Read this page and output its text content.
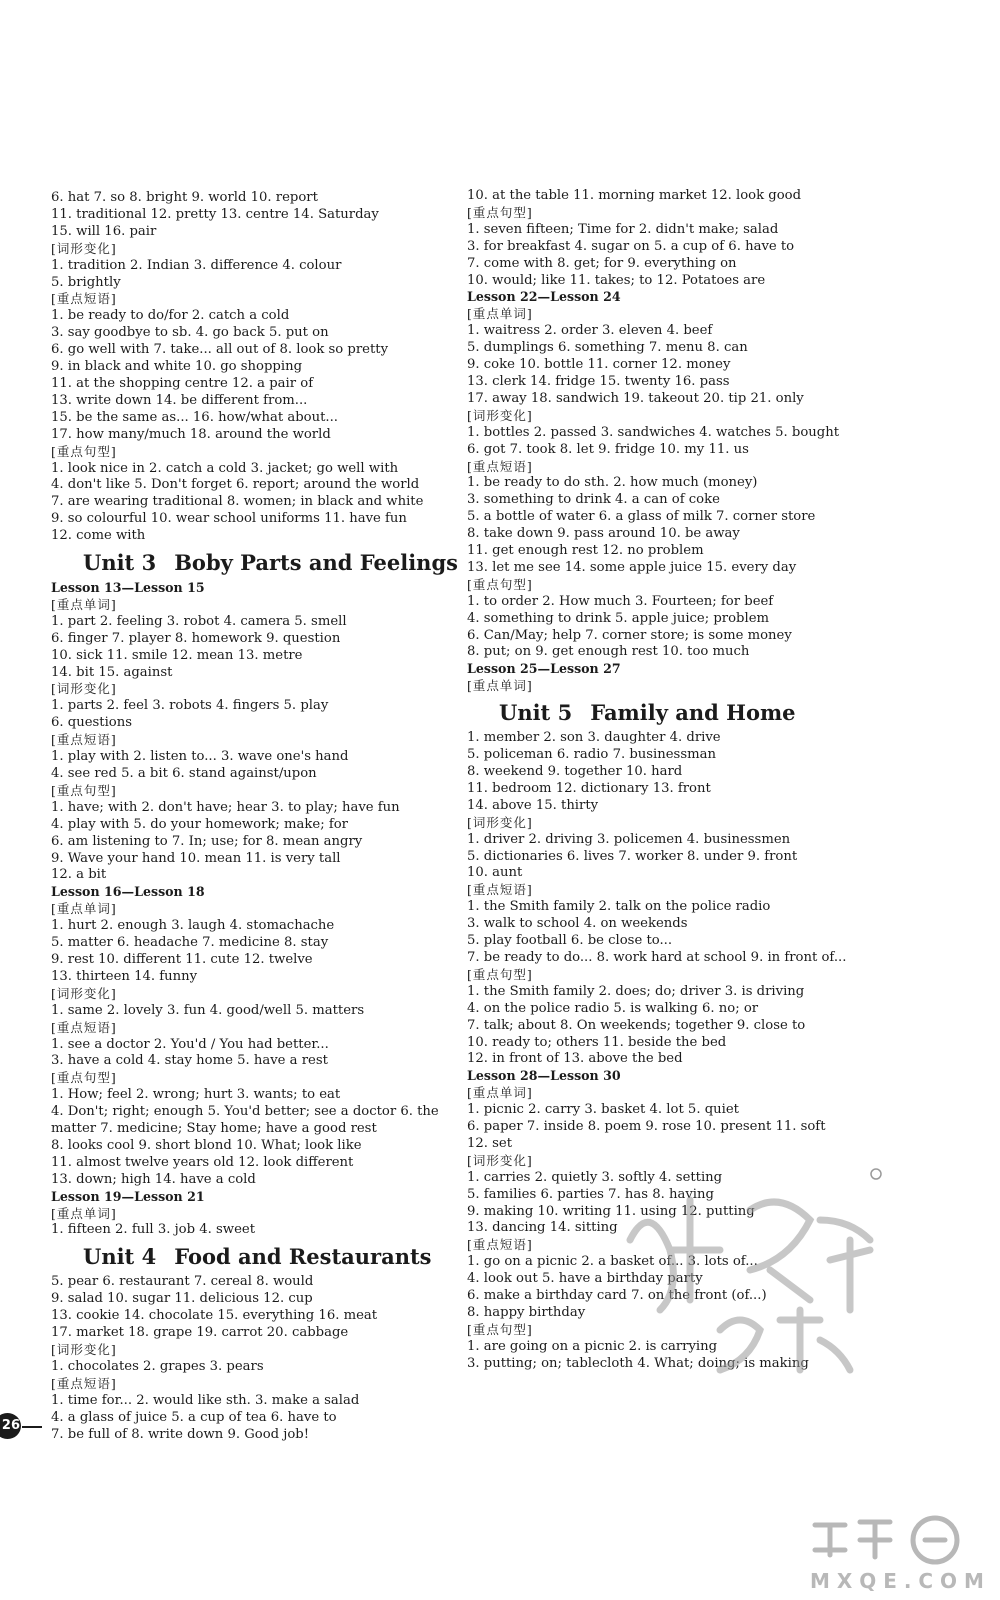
6. hat 7. so 8. bright 9. world 10. report
11. traditional 12. pretty 13. centre 14. Saturday
15. will 16. pair
[词形变化]
1. tradition 2. Indian 3. difference 4. colour
5. brightly
[重点短语]
1. be ready to do/for 2. catch a cold
3. say goodbye to sb. 4. go back 5. put on
6. go well with 7. take... all out of 8. look so pretty
9. in black and white 10. go shopping
11. at the shopping centre 12. a pair of
13. write down 14. be different from...
15. be the same as... 16. how/what about...
17. how many/much 18. around the world
[重点句型]
1. look nice in 2. catch a cold 3. jacket; go well with
4. don't like 5. Don't forget 6. report; around the world
7. are wearing traditional 8. women; in black and white
9. so colourful 10. wear school uniforms 11. have fun
12. come with
Unit 3 Boby Parts and Feelings
Lesson 13—Lesson 15
[重点单词]
1. part 2. feeling 3. robot 4. camera 5. smell
6. finger 7. player 8. homework 9. question
10. sick 11. smile 12. mean 13. metre
14. bit 15. against
[词形变化]
1. parts 2. feel 3. robots 4. fingers 5. play
6. questions
[重点短语]
1. play with 2. listen to... 3. wave one's hand
4. see red 5. a bit 6. stand against/upon
[重点句型]
1. have; with 2. don't have; hear 3. to play; have fun
4. play with 5. do your homework; make; for
6. am listening to 7. In; use; for 8. mean angry
9. Wave your hand 10. mean 11. is very tall
12. a bit
Lesson 16—Lesson 18
[重点单词]
1. hurt 2. enough 3. laugh 4. stomachache
5. matter 6. headache 7. medicine 8. stay
9. rest 10. different 11. cute 12. twelve
13. thirteen 14. funny
[词形变化]
1. same 2. lovely 3. fun 4. good/well 5. matters
[重点短语]
1. see a doctor 2. You'd / You had better...
3. have a cold 4. stay home 5. have a rest
[重点句型]
1. How; feel 2. wrong; hurt 3. wants; to eat
4. Don't; right; enough 5. You'd better; see a doctor 6. the
matter 7. medicine; Stay home; have a good rest
8. looks cool 9. short blond 10. What; look like
11. almost twelve years old 12. look different
13. down; high 14. have a cold
Lesson 19—Lesson 21
[重点单词]
1. fifteen 2. full 3. job 4. sweet
Unit 4 Food and Restaurants
5. pear 6. restaurant 7. cereal 8. would
9. salad 10. sugar 11. delicious 12. cup
13. cookie 14. chocolate 15. everything 16. meat
17. market 18. grape 19. carrot 20. cabbage
[词形变化]
1. chocolates 2. grapes 3. pears
[重点短语]
1. time for... 2. would like sth. 3. make a salad
4. a glass of juice 5. a cup of tea 6. have to
7. be full of 8. write down 9. Good job!
10. at the table 11. morning market 12. look good
[重点句型]
1. seven fifteen; Time for 2. didn't make; salad
3. for breakfast 4. sugar on 5. a cup of 6. have to
7. come with 8. get; for 9. everything on
10. would; like 11. takes; to 12. Potatoes are
Lesson 22—Lesson 24
[重点单词]
1. waitress 2. order 3. eleven 4. beef
5. dumplings 6. something 7. menu 8. can
9. coke 10. bottle 11. corner 12. money
13. clerk 14. fridge 15. twenty 16. pass
17. away 18. sandwich 19. takeout 20. tip 21. only
[词形变化]
1. bottles 2. passed 3. sandwiches 4. watches 5. bought
6. got 7. took 8. let 9. fridge 10. my 11. us
[重点短语]
1. be ready to do sth. 2. how much (money)
3. something to drink 4. a can of coke
5. a bottle of water 6. a glass of milk 7. corner store
8. take down 9. pass around 10. be away
11. get enough rest 12. no problem
13. let me see 14. some apple juice 15. every day
[重点句型]
1. to order 2. How much 3. Fourteen; for beef
4. something to drink 5. apple juice; problem
6. Can/May; help 7. corner store; is some money
8. put; on 9. get enough rest 10. too much
Lesson 25—Lesson 27
[重点单词]
Unit 5 Family and Home
1. member 2. son 3. daughter 4. drive
5. policeman 6. radio 7. businessman
8. weekend 9. together 10. hard
11. bedroom 12. dictionary 13. front
14. above 15. thirty
[词形变化]
1. driver 2. driving 3. policemen 4. businessmen
5. dictionaries 6. lives 7. worker 8. under 9. front
10. aunt
[重点短语]
1. the Smith family 2. talk on the police radio
3. walk to school 4. on weekends
5. play football 6. be close to...
7. be ready to do... 8. work hard at school 9. in front of...
[重点句型]
1. the Smith family 2. does; do; driver 3. is driving
4. on the police radio 5. is walking 6. no; or
7. talk; about 8. On weekends; together 9. close to
10. ready to; others 11. beside the bed
12. in front of 13. above the bed
Lesson 28—Lesson 30
[重点单词]
1. picnic 2. carry 3. basket 4. lot 5. quiet
6. paper 7. inside 8. poem 9. rose 10. present 11. soft
12. set
[词形变化]
1. carries 2. quietly 3. softly 4. setting
5. families 6. parties 7. has 8. having
9. making 10. writing 11. using 12. putting
13. dancing 14. sitting
[重点短语]
1. go on a picnic 2. a basket of... 3. lots of...
4. look out 5. have a birthday party
6. make a birthday card 7. on the front (of...)
8. happy birthday
[重点句型]
1. are going on a picnic 2. is carrying
3. putting; on; tablecloth 4. What; doing; is making
26
M X Q E . C O M
